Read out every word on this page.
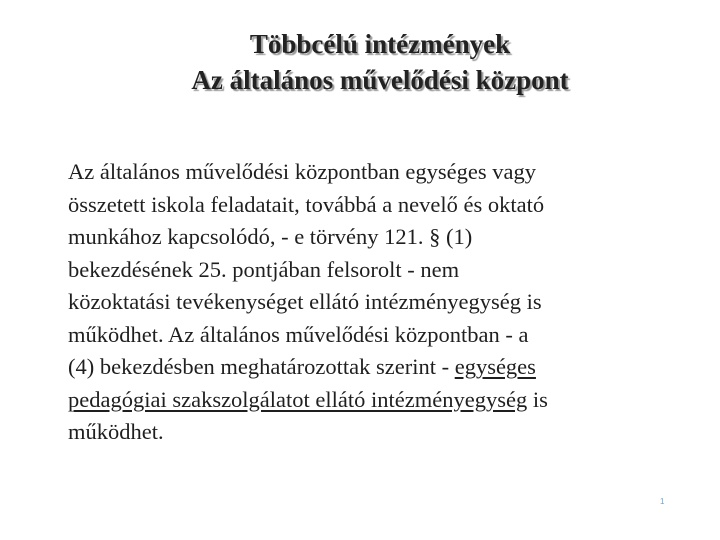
Többcélú intézmények
Az általános művelődési központ
Az általános művelődési központban egységes vagy
összetett iskola feladatait, továbbá a nevelő és oktató
munkához kapcsolódó, - e törvény 121. § (1)
bekezdésének 25. pontjában felsorolt - nem
közoktatási tevékenységet ellátó intézményegység is
működhet. Az általános művelődési központban - a
(4) bekezdésben meghatározottak szerint - egységes
pedagógiai szakszolgálatot ellátó intézményegység is
működhet.
1
